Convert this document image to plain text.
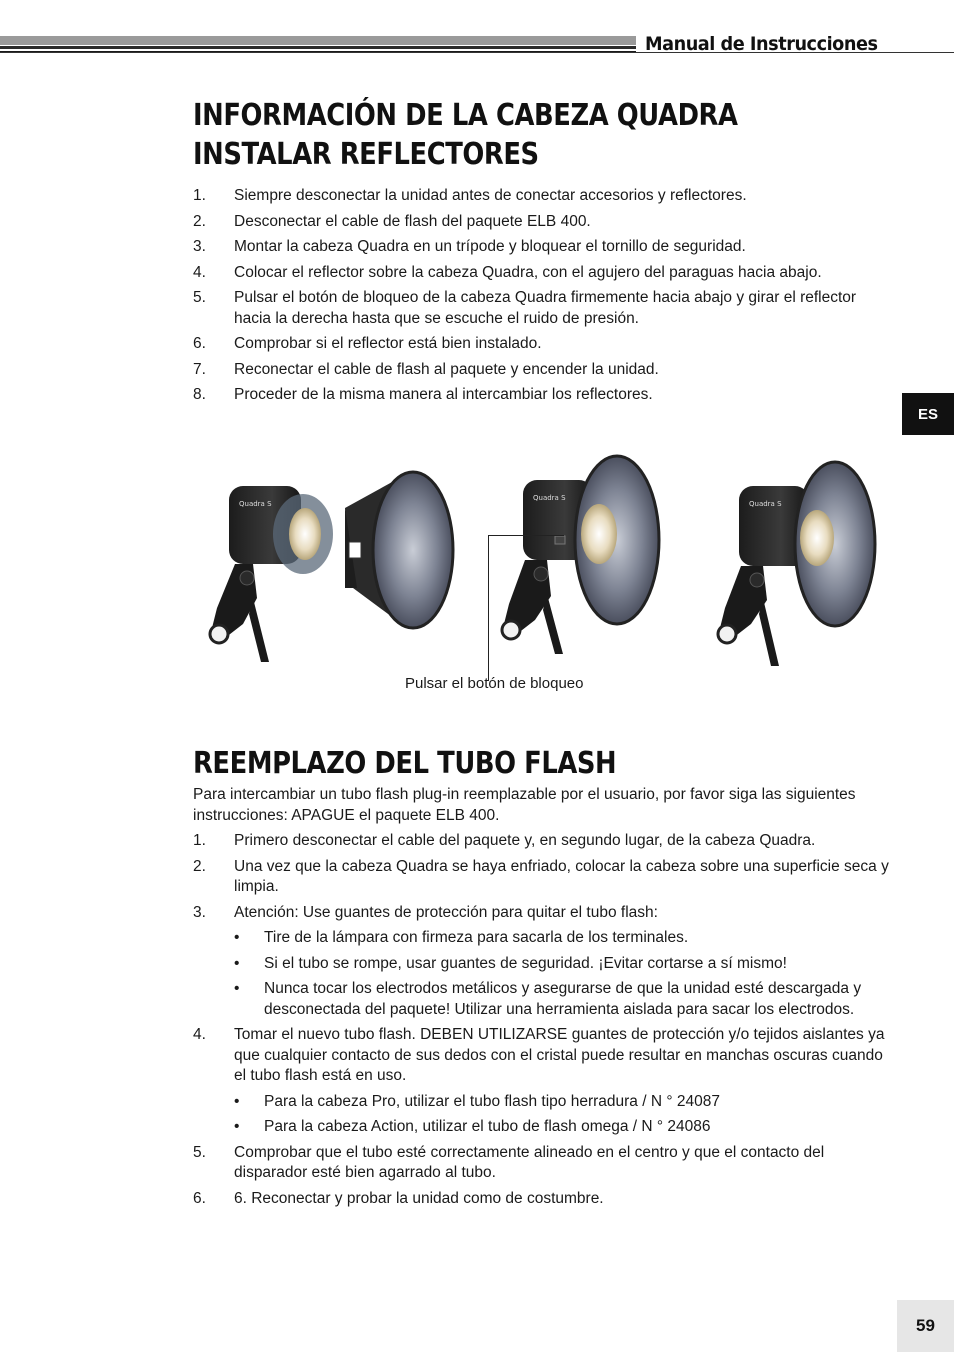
Manual de Instrucciones
ES
59
INFORMACIÓN DE LA CABEZA QUADRA
INSTALAR REFLECTORES
1. Siempre desconectar la unidad antes de conectar accesorios y reflectores.
2. Desconectar el cable de flash del paquete ELB 400.
3. Montar la cabeza Quadra en un trípode y bloquear el tornillo de seguridad.
4. Colocar el reflector sobre la cabeza Quadra, con el agujero del paraguas hacia abajo.
5. Pulsar el botón de bloqueo de la cabeza Quadra firmemente hacia abajo y girar el reflector hacia la derecha hasta que se escuche el ruido de presión.
6. Comprobar si el reflector está bien instalado.
7. Reconectar el cable de flash al paquete y encender la unidad.
8. Proceder de la misma manera al intercambiar los reflectores.
Quadra S
Quadra S
Quadra S
Pulsar el botón de bloqueo
REEMPLAZO DEL TUBO FLASH
Para intercambiar un tubo flash plug-in reemplazable por el usuario, por favor siga las siguientes instrucciones: APAGUE el paquete ELB 400.
1. Primero desconectar el cable del paquete y, en segundo lugar, de la cabeza Quadra.
2. Una vez que la cabeza Quadra se haya enfriado, colocar la cabeza sobre una superficie seca y limpia.
3. Atención: Use guantes de protección para quitar el tubo flash:
• Tire de la lámpara con firmeza para sacarla de los terminales.
• Si el tubo se rompe, usar guantes de seguridad. ¡Evitar cortarse a sí mismo!
• Nunca tocar los electrodos metálicos y asegurarse de que la unidad esté descargada y desconectada del paquete! Utilizar una herramienta aislada para sacar los electrodos.
4. Tomar el nuevo tubo flash. DEBEN UTILIZARSE guantes de protección y/o tejidos aislantes ya que cualquier contacto de sus dedos con el cristal puede resultar en manchas oscuras cuando el tubo flash está en uso.
• Para la cabeza Pro, utilizar el tubo flash tipo herradura / N ° 24087
• Para la cabeza Action, utilizar el tubo de flash omega / N ° 24086
5. Comprobar que el tubo esté correctamente alineado en el centro y que el contacto del disparador esté bien agarrado al tubo.
6. 6. Reconectar y probar la unidad como de costumbre.
